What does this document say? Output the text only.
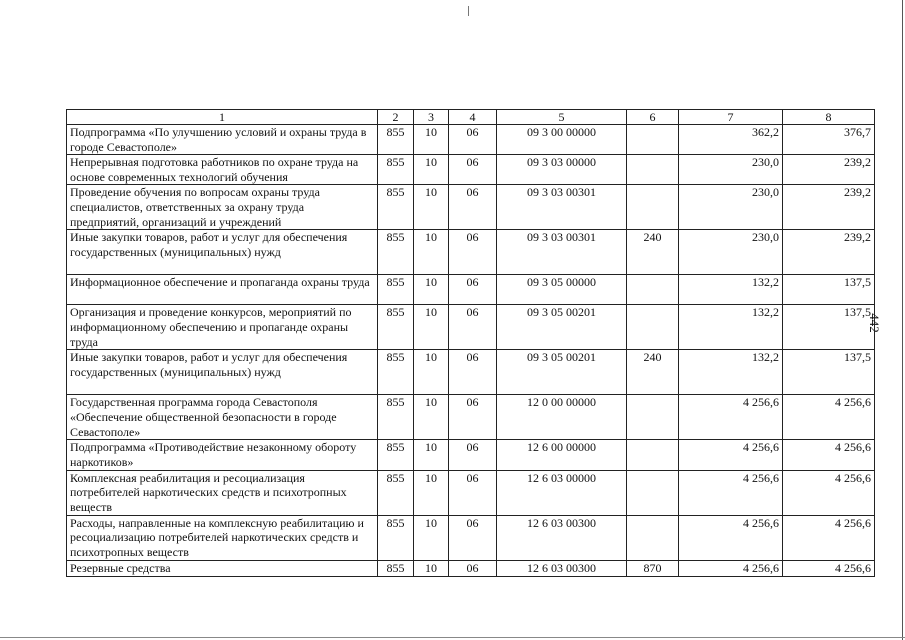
442
1	2	3	4	5	6	7	8
Подпрограмма «По улучшению условий и охраны труда в городе Севастополе»	855	10	06	09 3 00 00000		362,2	376,7
Непрерывная подготовка работников по охране труда на основе современных технологий обучения	855	10	06	09 3 03 00000		230,0	239,2
Проведение обучения по вопросам охраны труда специалистов, ответственных за охрану труда предприятий, организаций и учреждений	855	10	06	09 3 03 00301		230,0	239,2
Иные закупки товаров, работ и услуг для обеспечения государственных (муниципальных) нужд	855	10	06	09 3 03 00301	240	230,0	239,2
Информационное обеспечение и пропаганда охраны труда	855	10	06	09 3 05 00000		132,2	137,5
Организация и проведение конкурсов, мероприятий по информационному обеспечению и пропаганде охраны труда	855	10	06	09 3 05 00201		132,2	137,5
Иные закупки товаров, работ и услуг для обеспечения государственных (муниципальных) нужд	855	10	06	09 3 05 00201	240	132,2	137,5
Государственная программа города Севастополя «Обеспечение общественной безопасности в городе Севастополе»	855	10	06	12 0 00 00000		4 256,6	4 256,6
Подпрограмма «Противодействие незаконному обороту наркотиков»	855	10	06	12 6 00 00000		4 256,6	4 256,6
Комплексная реабилитация и ресоциализация потребителей наркотических средств и психотропных веществ	855	10	06	12 6 03 00000		4 256,6	4 256,6
Расходы, направленные на комплексную реабилитацию и ресоциализацию потребителей наркотических средств и психотропных веществ	855	10	06	12 6 03 00300		4 256,6	4 256,6
Резервные средства	855	10	06	12 6 03 00300	870	4 256,6	4 256,6
